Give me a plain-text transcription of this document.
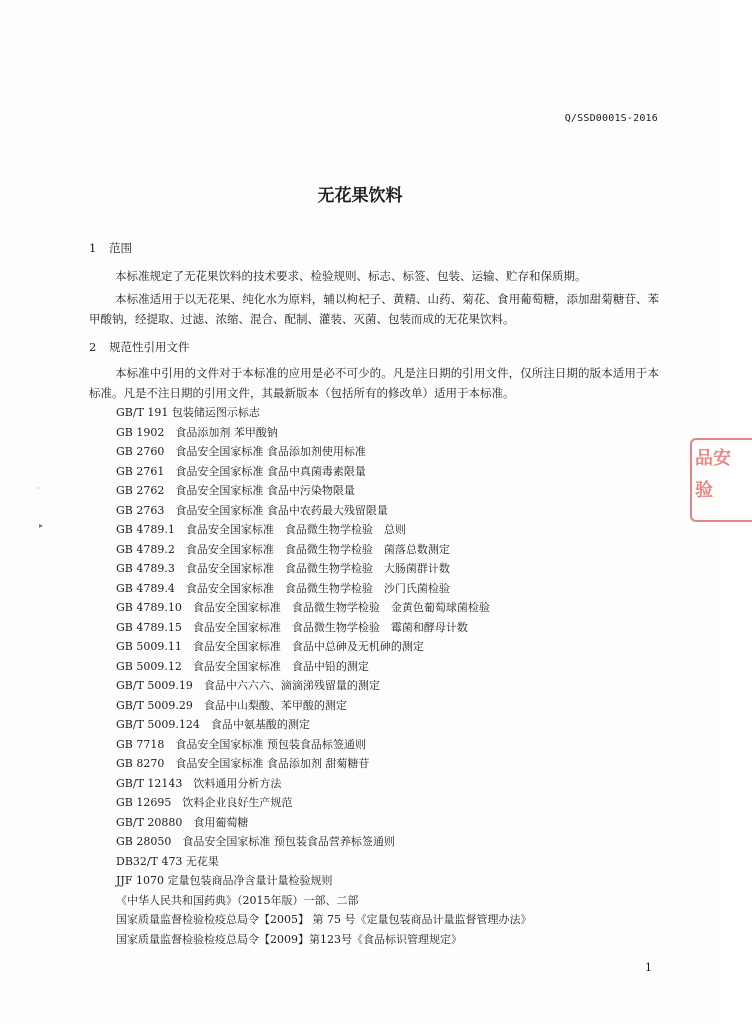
Q/SSD0001S-2016
无花果饮料
1 范围
本标准规定了无花果饮料的技术要求、检验规则、标志、标签、包装、运输、贮存和保质期。
本标准适用于以无花果、纯化水为原料，辅以枸杞子、黄精、山药、菊花、食用葡萄糖，添加甜菊糖苷、苯甲酸钠，经提取、过滤、浓缩、混合、配制、灌装、灭菌、包装而成的无花果饮料。
2 规范性引用文件
本标准中引用的文件对于本标准的应用是必不可少的。凡是注日期的引用文件，仅所注日期的版本适用于本标准。凡是不注日期的引用文件，其最新版本（包括所有的修改单）适用于本标准。
GB/T 191 包装储运图示标志
GB 1902　食品添加剂 苯甲酸钠
GB 2760　食品安全国家标准 食品添加剂使用标准
GB 2761　食品安全国家标准 食品中真菌毒素限量
GB 2762　食品安全国家标准 食品中污染物限量
GB 2763　食品安全国家标准 食品中农药最大残留限量
GB 4789.1　食品安全国家标准　食品微生物学检验　总则
GB 4789.2　食品安全国家标准　食品微生物学检验　菌落总数测定
GB 4789.3　食品安全国家标准　食品微生物学检验　大肠菌群计数
GB 4789.4　食品安全国家标准　食品微生物学检验　沙门氏菌检验
GB 4789.10　食品安全国家标准　食品微生物学检验　金黄色葡萄球菌检验
GB 4789.15　食品安全国家标准　食品微生物学检验　霉菌和酵母计数
GB 5009.11　食品安全国家标准　食品中总砷及无机砷的测定
GB 5009.12　食品安全国家标准　食品中铅的测定
GB/T 5009.19　食品中六六六、滴滴涕残留量的测定
GB/T 5009.29　食品中山梨酸、苯甲酸的测定
GB/T 5009.124　食品中氨基酸的测定
GB 7718　食品安全国家标准 预包装食品标签通则
GB 8270　食品安全国家标准 食品添加剂 甜菊糖苷
GB/T 12143　饮料通用分析方法
GB 12695　饮料企业良好生产规范
GB/T 20880　食用葡萄糖
GB 28050　食品安全国家标准 预包装食品营养标签通则
DB32/T 473 无花果
JJF 1070 定量包装商品净含量计量检验规则
《中华人民共和国药典》（2015年版）一部、二部
国家质量监督检验检疫总局令【2005】 第 75 号《定量包装商品计量监督管理办法》
国家质量监督检验检疫总局令【2009】第123号《食品标识管理规定》
品安
验
·
▸
1
